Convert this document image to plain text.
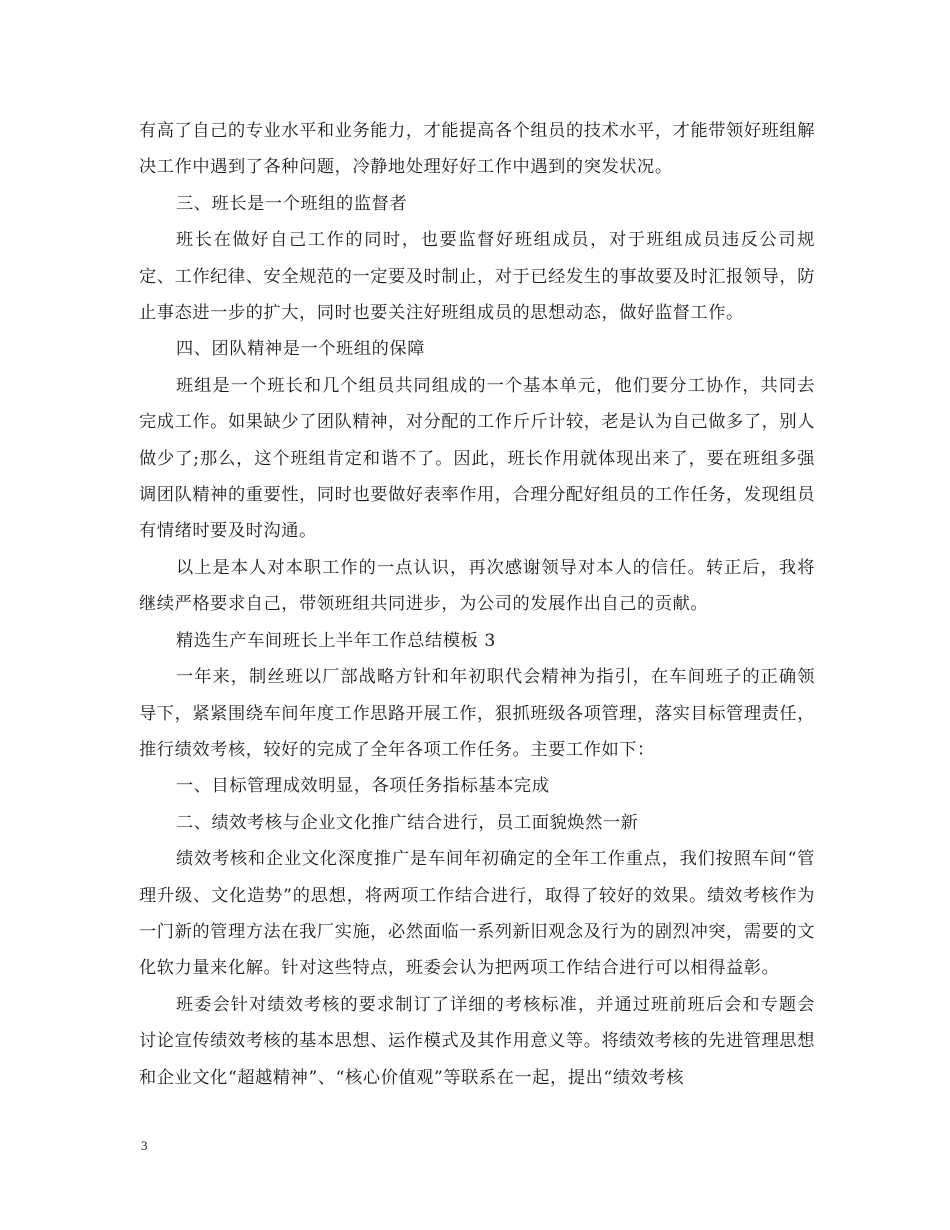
有高了自己的专业水平和业务能力，才能提高各个组员的技术水平，才能带领好班组解决工作中遇到了各种问题，冷静地处理好好工作中遇到的突发状况。

三、班长是一个班组的监督者

班长在做好自己工作的同时，也要监督好班组成员，对于班组成员违反公司规定、工作纪律、安全规范的一定要及时制止，对于已经发生的事故要及时汇报领导，防止事态进一步的扩大，同时也要关注好班组成员的思想动态，做好监督工作。

四、团队精神是一个班组的保障

班组是一个班长和几个组员共同组成的一个基本单元，他们要分工协作，共同去完成工作。如果缺少了团队精神，对分配的工作斤斤计较，老是认为自己做多了，别人做少了;那么，这个班组肯定和谐不了。因此，班长作用就体现出来了，要在班组多强调团队精神的重要性，同时也要做好表率作用，合理分配好组员的工作任务，发现组员有情绪时要及时沟通。

以上是本人对本职工作的一点认识，再次感谢领导对本人的信任。转正后，我将继续严格要求自己，带领班组共同进步，为公司的发展作出自己的贡献。

精选生产车间班长上半年工作总结模板 3

一年来，制丝班以厂部战略方针和年初职代会精神为指引，在车间班子的正确领导下，紧紧围绕车间年度工作思路开展工作，狠抓班级各项管理，落实目标管理责任，推行绩效考核，较好的完成了全年各项工作任务。主要工作如下：

一、目标管理成效明显，各项任务指标基本完成

二、绩效考核与企业文化推广结合进行，员工面貌焕然一新

绩效考核和企业文化深度推广是车间年初确定的全年工作重点，我们按照车间“管理升级、文化造势”的思想，将两项工作结合进行，取得了较好的效果。绩效考核作为一门新的管理方法在我厂实施，必然面临一系列新旧观念及行为的剧烈冲突，需要的文化软力量来化解。针对这些特点，班委会认为把两项工作结合进行可以相得益彰。

班委会针对绩效考核的要求制订了详细的考核标准，并通过班前班后会和专题会讨论宣传绩效考核的基本思想、运作模式及其作用意义等。将绩效考核的先进管理思想和企业文化“超越精神”、“核心价值观”等联系在一起，提出“绩效考核

3
